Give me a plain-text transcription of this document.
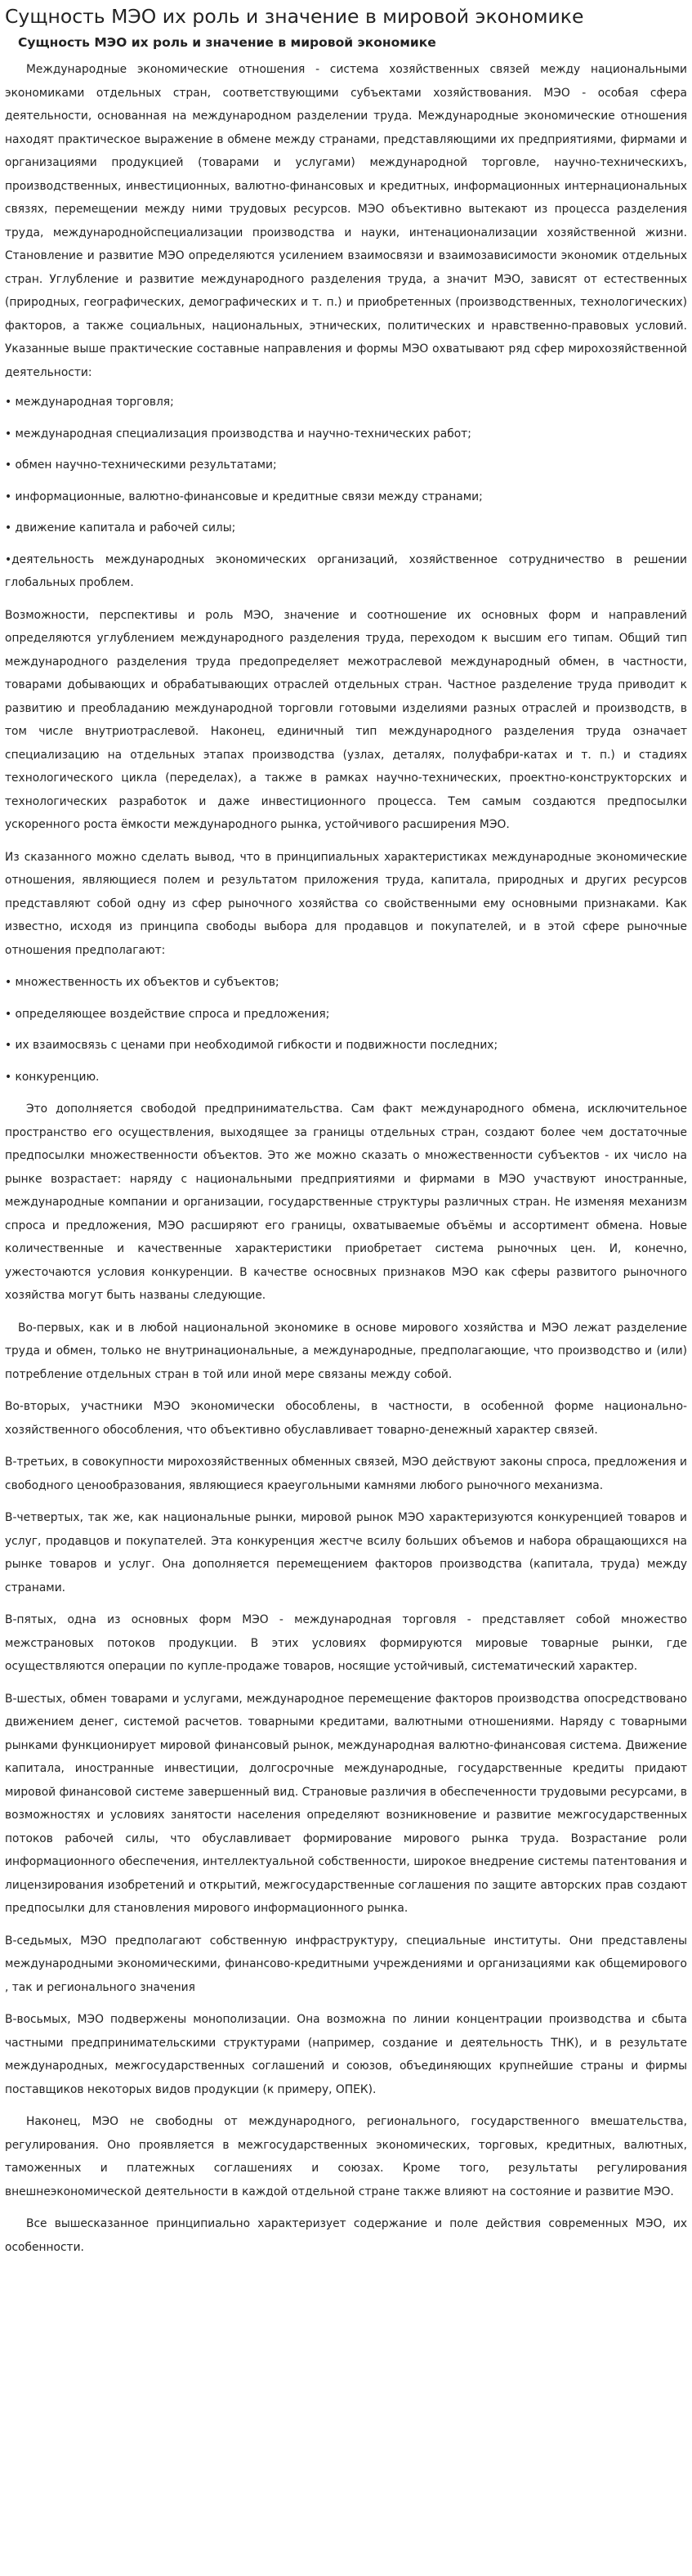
Сущность МЭО их роль и значение в мировой экономике
Сущность МЭО их роль и значение в мировой экономике

Международные экономические отношения - система хозяйственных связей между национальными экономиками отдельных стран, соответствующими субъектами хозяйствования. МЭО - особая сфера деятельности, основанная на международном разделении труда. Международные экономические отношения находят практическое выражение в обмене между странами, представляющими их предприятиями, фирмами и организациями продукцией (товарами и услугами) международной торговле, научно-техническихъ, производственных, инвестиционных, валютно-финансовых и кредитных, информационных интернациональных связях, перемещении между ними трудовых ресурсов. МЭО объективно вытекают из процесса разделения труда, международнойспециализации производства и науки, интенационализации хозяйственной жизни. Становление и развитие МЭО определяются усилением взаимосвязи и взаимозависимости экономик отдельных стран. Углубление и развитие международного разделения труда, а значит МЭО, зависят от естественных (природных, географических, демографических и т. п.) и приобретенных (производственных, технологических) факторов, а также социальных, национальных, этнических, политических и нравственно-правовых условий. Указанные выше практические составные направления и формы МЭО охватывают ряд сфер мирохозяйственной деятельности:

• международная торговля;
• международная специализация производства и научно-технических работ;
• обмен научно-техническими результатами;
• информационные, валютно-финансовые и кредитные связи между странами;
• движение капитала и рабочей силы;
•деятельность международных экономических организаций, хозяйственное сотрудничество в решении глобальных проблем.

Возможности, перспективы и роль МЭО, значение и соотношение их основных форм и направлений определяются углублением международного разделения труда, переходом к высшим его типам. Общий тип международного разделения труда предопределяет межотраслевой международный обмен, в частности, товарами добывающих и обрабатывающих отраслей отдельных стран. Частное разделение труда приводит к развитию и преобладанию международной торговли готовыми изделиями разных отраслей и производств, в том числе внутриотраслевой. Наконец, единичный тип международного разделения труда означает специализацию на отдельных этапах производства (узлах, деталях, полуфабри-катах и т. п.) и стадиях технологического цикла (переделах), а также в рамках научно-технических, проектно-конструкторских и технологических разработок и даже инвестиционного процесса. Тем самым создаются предпосылки ускоренного роста ёмкости международного рынка, устойчивого расширения МЭО.

Из сказанного можно сделать вывод, что в принципиальных характеристиках международные экономические отношения, являющиеся полем и результатом приложения труда, капитала, природных и других ресурсов представляют собой одну из сфер рыночного хозяйства со свойственными ему основными признаками. Как известно, исходя из принципа свободы выбора для продавцов и покупателей, и в этой сфере рыночные отношения предполагают:

• множественность их объектов и субъектов;
• определяющее воздействие спроса и предложения;
• их взаимосвязь с ценами при необходимой гибкости и подвижности последних;
• конкуренцию.

Это дополняется свободой предпринимательства. Сам факт международного обмена, исключительное пространство его осуществления, выходящее за границы отдельных стран, создают более чем достаточные предпосылки множественности объектов. Это же можно сказать о множественности субъектов - их число на рынке возрастает: наряду с национальными предприятиями и фирмами в МЭО участвуют иностранные, международные компании и организации, государственные структуры различных стран. Не изменяя механизм спроса и предложения, МЭО расширяют его границы, охватываемые объёмы и ассортимент обмена. Новые количественные и качественные характеристики приобретает система рыночных цен. И, конечно, ужесточаются условия конкуренции. В качестве осносвных признаков МЭО как сферы развитого рыночного хозяйства могут быть названы следующие.

Во-первых, как и в любой национальной экономике в основе мирового хозяйства и МЭО лежат разделение труда и обмен, только не внутринациональные, а международные, предполагающие, что производство и (или) потребление отдельных стран в той или иной мере связаны между собой.

Во-вторых, участники МЭО экономически обособлены, в частности, в особенной форме национально-хозяйственного обособления, что объективно обуславливает товарно-денежный характер связей.

В-третьих, в совокупности мирохозяйственных обменных связей, МЭО действуют законы спроса, предложения и свободного ценообразования, являющиеся краеугольными камнями любого рыночного механизма.

В-четвертых, так же, как национальные рынки, мировой рынок МЭО характеризуются конкуренцией товаров и услуг, продавцов и покупателей. Эта конкуренция жестче всилу больших объемов и набора обращающихся на рынке товаров и услуг. Она дополняется перемещением факторов производства (капитала, труда) между странами.

В-пятых, одна из основных форм МЭО - международная торговля - представляет собой множество межстрановых потоков продукции. В этих условиях формируются мировые товарные рынки, где осуществляются операции по купле-продаже товаров, носящие устойчивый, систематический характер.

В-шестых, обмен товарами и услугами, международное перемещение факторов производства опосредствовано движением денег, системой расчетов. товарными кредитами, валютными отношениями. Наряду с товарными рынками функционирует мировой финансовый рынок, международная валютно-финансовая система. Движение капитала, иностранные инвестиции, долгосрочные международные, государственные кредиты придают мировой финансовой системе завершенный вид. Страновые различия в обеспеченности трудовыми ресурсами, в возможностях и условиях занятости населения определяют возникновение и развитие межгосударственных потоков рабочей силы, что обуславливает формирование мирового рынка труда. Возрастание роли информационного обеспечения, интеллектуальной собственности, широкое внедрение системы патентования и лицензирования изобретений и открытий, межгосударственные соглашения по защите авторских прав создают предпосылки для становления мирового информационного рынка.

В-седьмых, МЭО предполагают собственную инфраструктуру, специальные институты. Они представлены международными экономическими, финансово-кредитными учреждениями и организациями как общемирового , так и регионального значения

В-восьмых, МЭО подвержены монополизации. Она возможна по линии концентрации производства и сбыта частными предпринимательскими структурами (например, создание и деятельность ТНК), и в результате международных, межгосударственных соглашений и союзов, объединяющих крупнейшие страны и фирмы поставщиков некоторых видов продукции (к примеру, ОПЕК).

Наконец, МЭО не свободны от международного, регионального, государственного вмешательства, регулирования. Оно проявляется в межгосударственных экономических, торговых, кредитных, валютных, таможенных и платежных соглашениях и союзах. Кроме того, результаты регулирования внешнеэкономической деятельности в каждой отдельной стране также влияют на состояние и развитие МЭО.

Все вышесказанное принципиально характеризует содержание и поле действия современных МЭО, их особенности.
